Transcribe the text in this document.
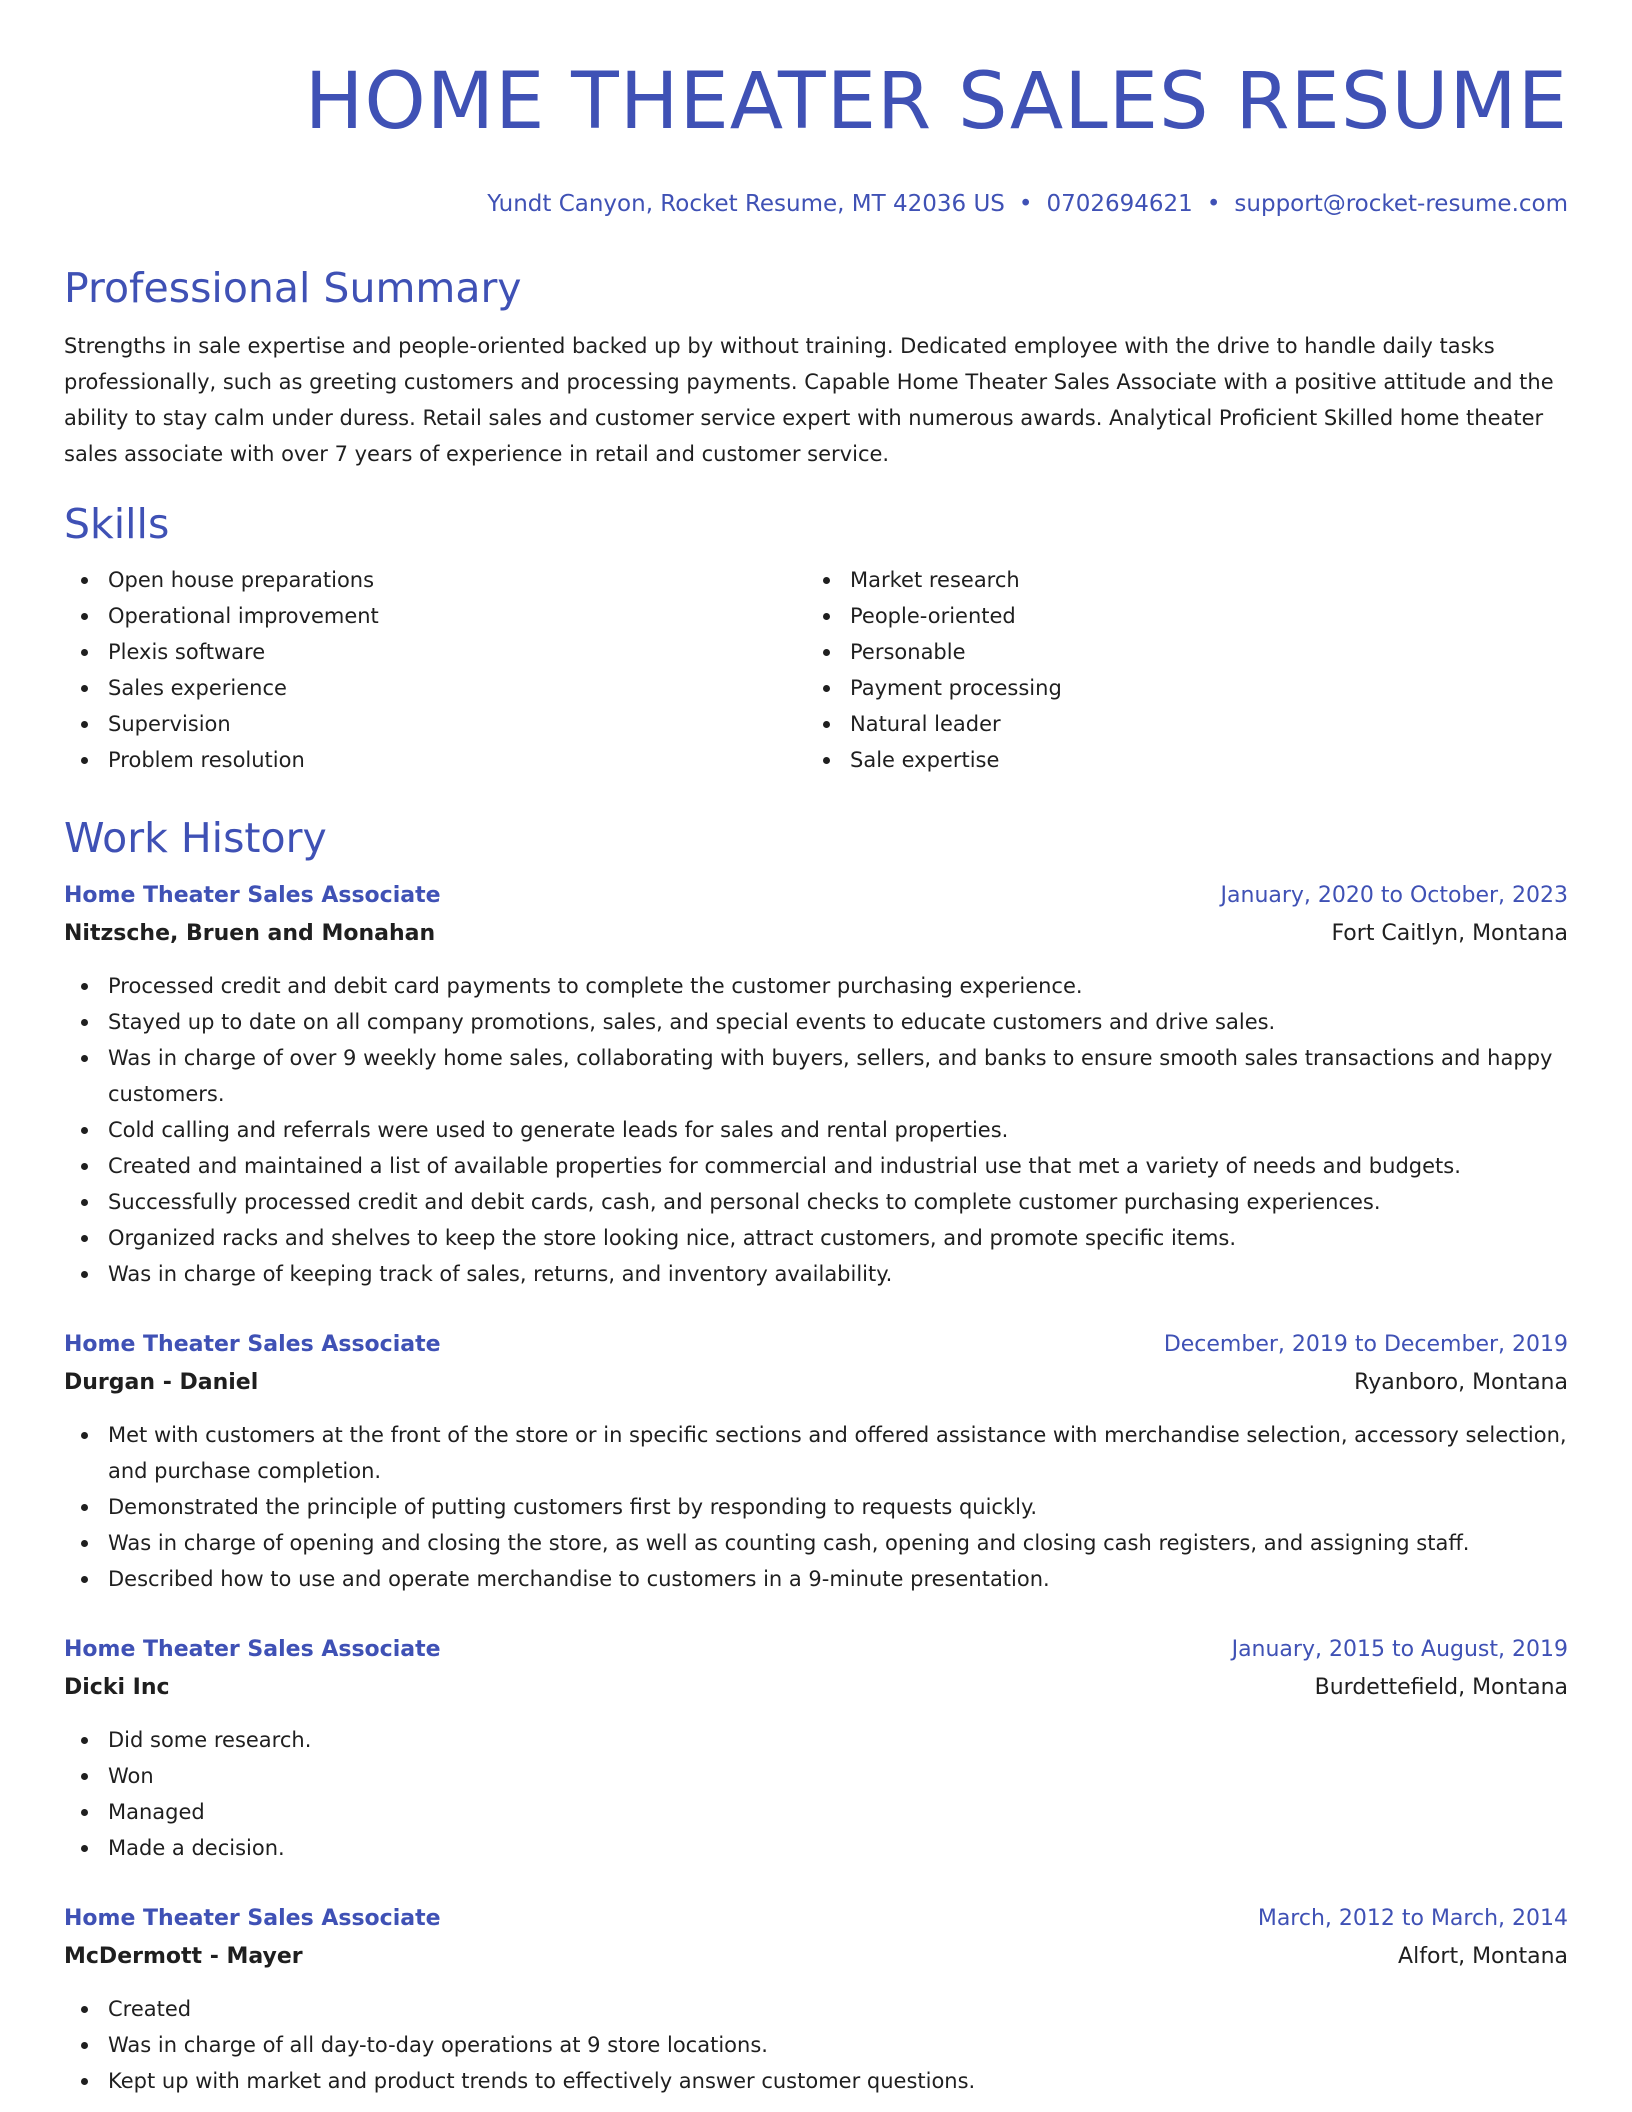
HOME THEATER SALES RESUME
Yundt Canyon, Rocket Resume, MT 42036 US • 0702694621 • support@rocket-resume.com
Professional Summary

Strengths in sale expertise and people-oriented backed up by without training. Dedicated employee with the drive to handle daily tasks professionally, such as greeting customers and processing payments. Capable Home Theater Sales Associate with a positive attitude and the ability to stay calm under duress. Retail sales and customer service expert with numerous awards. Analytical Proficient Skilled home theater sales associate with over 7 years of experience in retail and customer service.

Skills
Open house preparations
Operational improvement
Plexis software
Sales experience
Supervision
Problem resolution
Market research
People-oriented
Personable
Payment processing
Natural leader
Sale expertise
Work History
Home Theater Sales Associate	January, 2020 to October, 2023
Nitzsche, Bruen and Monahan	Fort Caitlyn, Montana
Processed credit and debit card payments to complete the customer purchasing experience.
Stayed up to date on all company promotions, sales, and special events to educate customers and drive sales.
Was in charge of over 9 weekly home sales, collaborating with buyers, sellers, and banks to ensure smooth sales transactions and happy customers.
Cold calling and referrals were used to generate leads for sales and rental properties.
Created and maintained a list of available properties for commercial and industrial use that met a variety of needs and budgets.
Successfully processed credit and debit cards, cash, and personal checks to complete customer purchasing experiences.
Organized racks and shelves to keep the store looking nice, attract customers, and promote specific items.
Was in charge of keeping track of sales, returns, and inventory availability.
Home Theater Sales Associate	December, 2019 to December, 2019
Durgan - Daniel	Ryanboro, Montana
Met with customers at the front of the store or in specific sections and offered assistance with merchandise selection, accessory selection, and purchase completion.
Demonstrated the principle of putting customers first by responding to requests quickly.
Was in charge of opening and closing the store, as well as counting cash, opening and closing cash registers, and assigning staff.
Described how to use and operate merchandise to customers in a 9-minute presentation.
Home Theater Sales Associate	January, 2015 to August, 2019
Dicki Inc	Burdettefield, Montana
Did some research.
Won
Managed
Made a decision.
Home Theater Sales Associate	March, 2012 to March, 2014
McDermott - Mayer	Alfort, Montana
Created
Was in charge of all day-to-day operations at 9 store locations.
Kept up with market and product trends to effectively answer customer questions.
